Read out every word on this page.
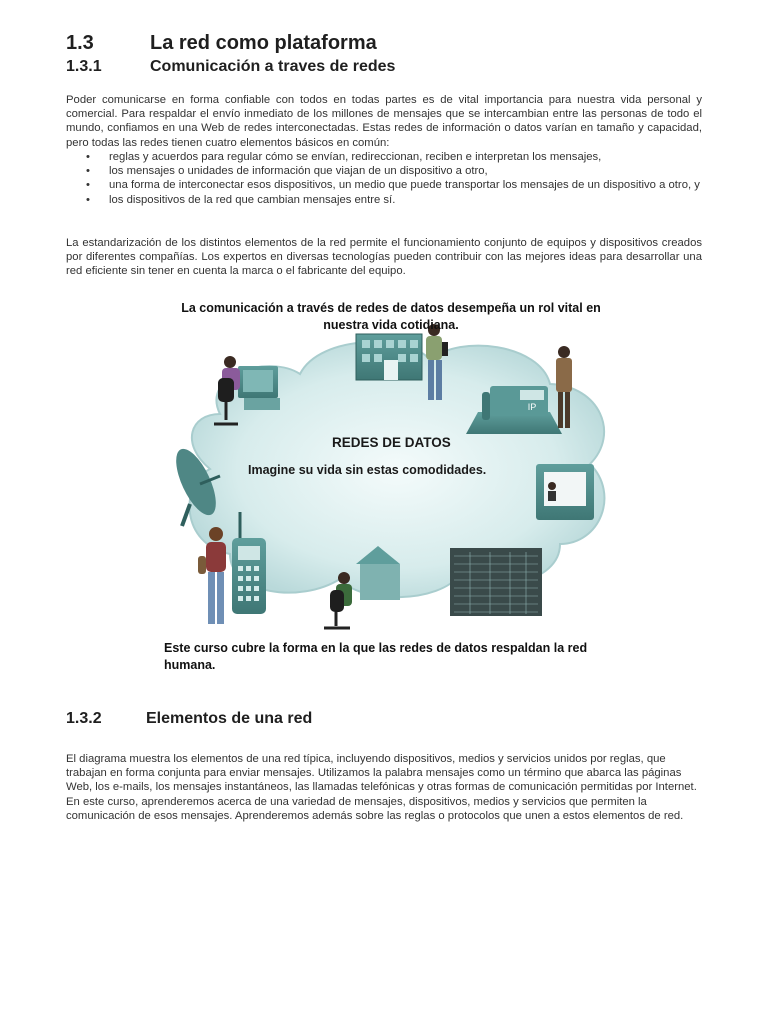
1.3	La red como plataforma
1.3.1	Comunicación a traves de redes
Poder comunicarse en forma confiable con todos en todas partes es de vital importancia para nuestra vida personal y comercial. Para respaldar el envío inmediato de los millones de mensajes que se intercambian entre las personas de todo el mundo, confiamos en una Web de redes interconectadas. Estas redes de información o datos varían en tamaño y capacidad, pero todas las redes tienen cuatro elementos básicos en común:
• reglas y acuerdos para regular cómo se envían, redireccionan, reciben e interpretan los mensajes,
• los mensajes o unidades de información que viajan de un dispositivo a otro,
• una forma de interconectar esos dispositivos, un medio que puede transportar los mensajes de un dispositivo a otro, y
• los dispositivos de la red que cambian mensajes entre sí.
La estandarización de los distintos elementos de la red permite el funcionamiento conjunto de equipos y dispositivos creados por diferentes compañías. Los expertos en diversas tecnologías pueden contribuir con las mejores ideas para desarrollar una red eficiente sin tener en cuenta la marca o el fabricante del equipo.
IP
La comunicación a través de redes de datos desempeña un rol vital en nuestra vida cotidiana.
REDES DE DATOS
Imagine su vida sin estas comodidades.
Este curso cubre la forma en la que las redes de datos respaldan la red humana.
1.3.2	Elementos de una red
El diagrama muestra los elementos de una red típica, incluyendo dispositivos, medios y servicios unidos por reglas, que trabajan en forma conjunta para enviar mensajes. Utilizamos la palabra mensajes como un término que abarca las páginas Web, los e-mails, los mensajes instantáneos, las llamadas telefónicas y otras formas de comunicación permitidas por Internet. En este curso, aprenderemos acerca de una variedad de mensajes, dispositivos, medios y servicios que permiten la comunicación de esos mensajes. Aprenderemos además sobre las reglas o protocolos que unen a estos elementos de red.
